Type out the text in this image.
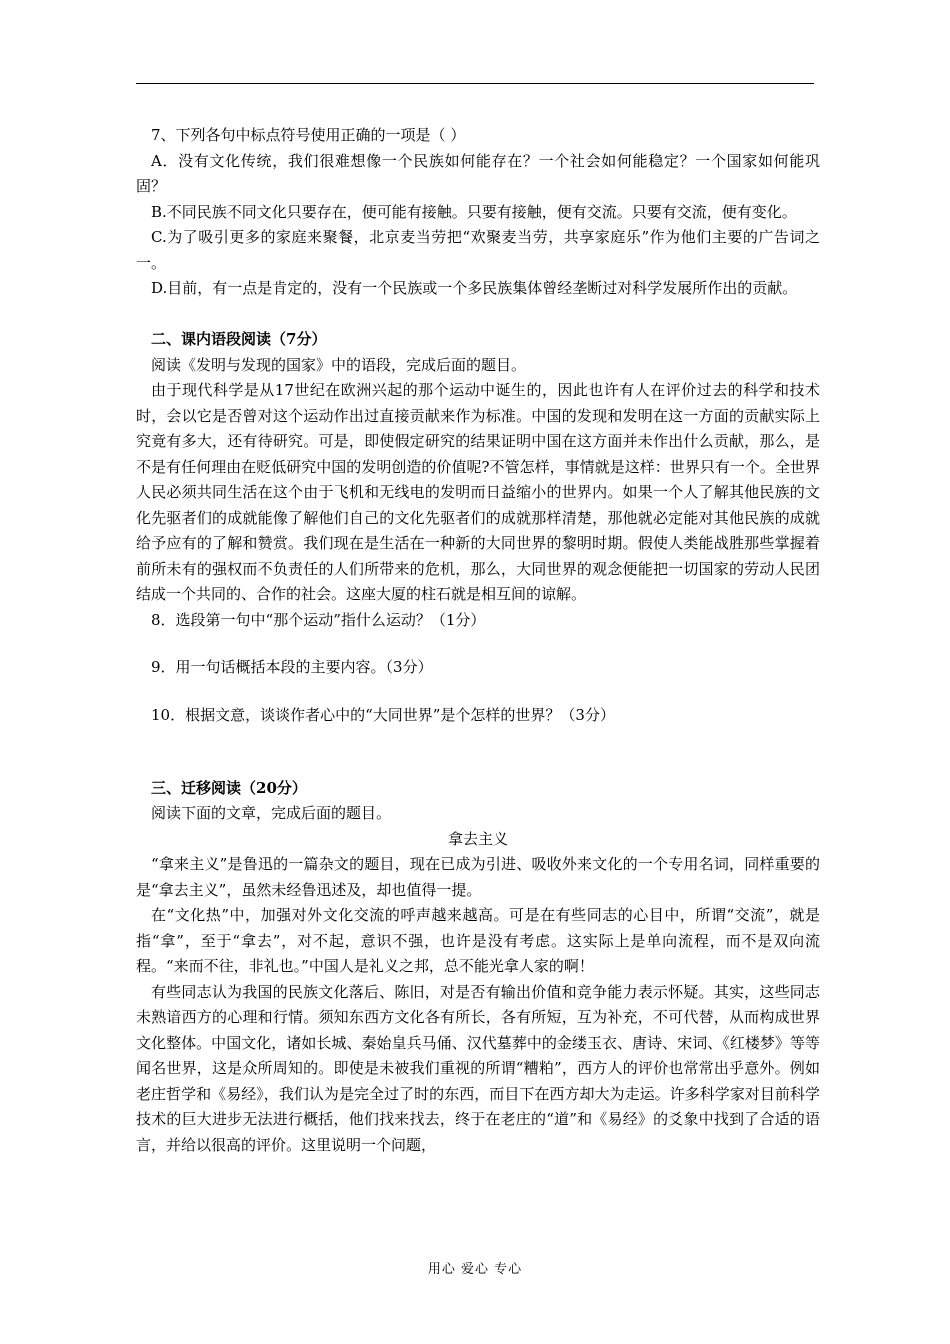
7、下列各句中标点符号使用正确的一项是（ ）

A．没有文化传统，我们很难想像一个民族如何能存在？一个社会如何能稳定？一个国家如何能巩固？

B.不同民族不同文化只要存在，便可能有接触。只要有接触，便有交流。只要有交流，便有变化。

C.为了吸引更多的家庭来聚餐，北京麦当劳把“欢聚麦当劳，共享家庭乐”作为他们主要的广告词之一。

D.目前，有一点是肯定的，没有一个民族或一个多民族集体曾经垄断过对科学发展所作出的贡献。

二、课内语段阅读（7分）

阅读《发明与发现的国家》中的语段，完成后面的题目。

由于现代科学是从17世纪在欧洲兴起的那个运动中诞生的，因此也许有人在评价过去的科学和技术时，会以它是否曾对这个运动作出过直接贡献来作为标准。中国的发现和发明在这一方面的贡献实际上究竟有多大，还有待研究。可是，即使假定研究的结果证明中国在这方面并未作出什么贡献，那么，是不是有任何理由在贬低研究中国的发明创造的价值呢?不管怎样，事情就是这样：世界只有一个。全世界人民必须共同生活在这个由于飞机和无线电的发明而日益缩小的世界内。如果一个人了解其他民族的文化先驱者们的成就能像了解他们自己的文化先驱者们的成就那样清楚，那他就必定能对其他民族的成就给予应有的了解和赞赏。我们现在是生活在一种新的大同世界的黎明时期。假使人类能战胜那些掌握着前所未有的强权而不负责任的人们所带来的危机，那么，大同世界的观念便能把一切国家的劳动人民团结成一个共同的、合作的社会。这座大厦的柱石就是相互间的谅解。

8．选段第一句中“那个运动”指什么运动？（1分）

9．用一句话概括本段的主要内容。（3分）

10．根据文意，谈谈作者心中的“大同世界”是个怎样的世界？（3分）

三、迁移阅读（20分）

阅读下面的文章，完成后面的题目。

拿去主义

“拿来主义”是鲁迅的一篇杂文的题目，现在已成为引进、吸收外来文化的一个专用名词，同样重要的是“拿去主义”，虽然未经鲁迅述及，却也值得一提。

在“文化热”中，加强对外文化交流的呼声越来越高。可是在有些同志的心目中，所谓“交流”，就是指“拿”，至于“拿去”，对不起，意识不强，也许是没有考虑。这实际上是单向流程，而不是双向流程。“来而不往，非礼也。”中国人是礼义之邦，总不能光拿人家的啊！

有些同志认为我国的民族文化落后、陈旧，对是否有输出价值和竞争能力表示怀疑。其实，这些同志未熟谙西方的心理和行情。须知东西方文化各有所长，各有所短，互为补充，不可代替，从而构成世界文化整体。中国文化，诸如长城、秦始皇兵马俑、汉代墓葬中的金缕玉衣、唐诗、宋词、《红楼梦》等等闻名世界，这是众所周知的。即使是未被我们重视的所谓“糟粕”，西方人的评价也常常出乎意外。例如老庄哲学和《易经》，我们认为是完全过了时的东西，而目下在西方却大为走运。许多科学家对目前科学技术的巨大进步无法进行概括，他们找来找去，终于在老庄的“道”和《易经》的爻象中找到了合适的语言，并给以很高的评价。这里说明一个问题，

用心 爱心 专心
